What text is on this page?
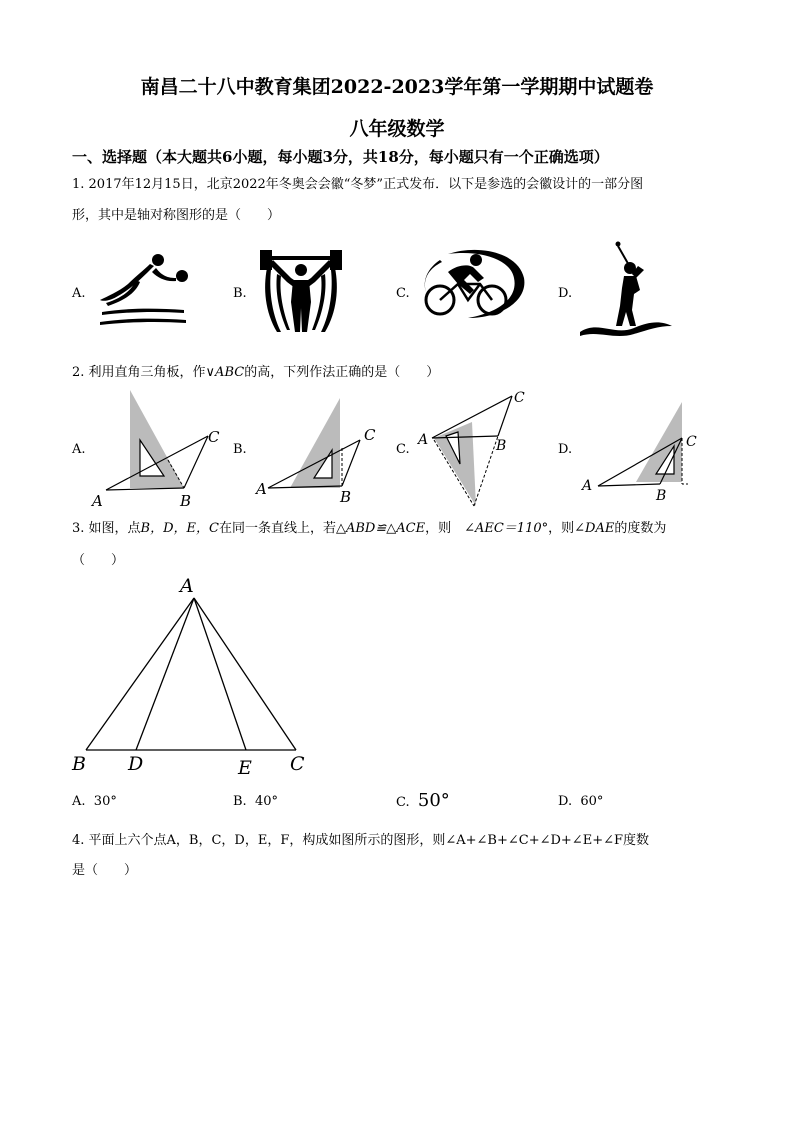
南昌二十八中教育集团2022-2023学年第一学期期中试题卷
八年级数学
一、选择题（本大题共6小题，每小题3分，共18分，每小题只有一个正确选项）
1. 2017年12月15日，北京2022年冬奥会会徽“冬梦”正式发布．以下是参选的会徽设计的一部分图
形，其中是轴对称图形的是（　　）
A.	B.	C.	D.
2. 利用直角三角板，作∨ABC的高，下列作法正确的是（　　）
A.	B.	C.	D.
A	B
C
A	B
C	A	B
C
A
B
C
3. 如图，点B，D，E，C在同一条直线上，若△ABD≌△ACE，则　 ∠AEC＝110°，则∠DAE的度数为
（　　）
A
B D	E C
A. 30°	B. 40°	C. 50°	D. 60°
4. 平面上六个点A，B，C，D，E，F，构成如图所示的图形，则∠A+∠B+∠C+∠D+∠E+∠F度数
是（　　）
